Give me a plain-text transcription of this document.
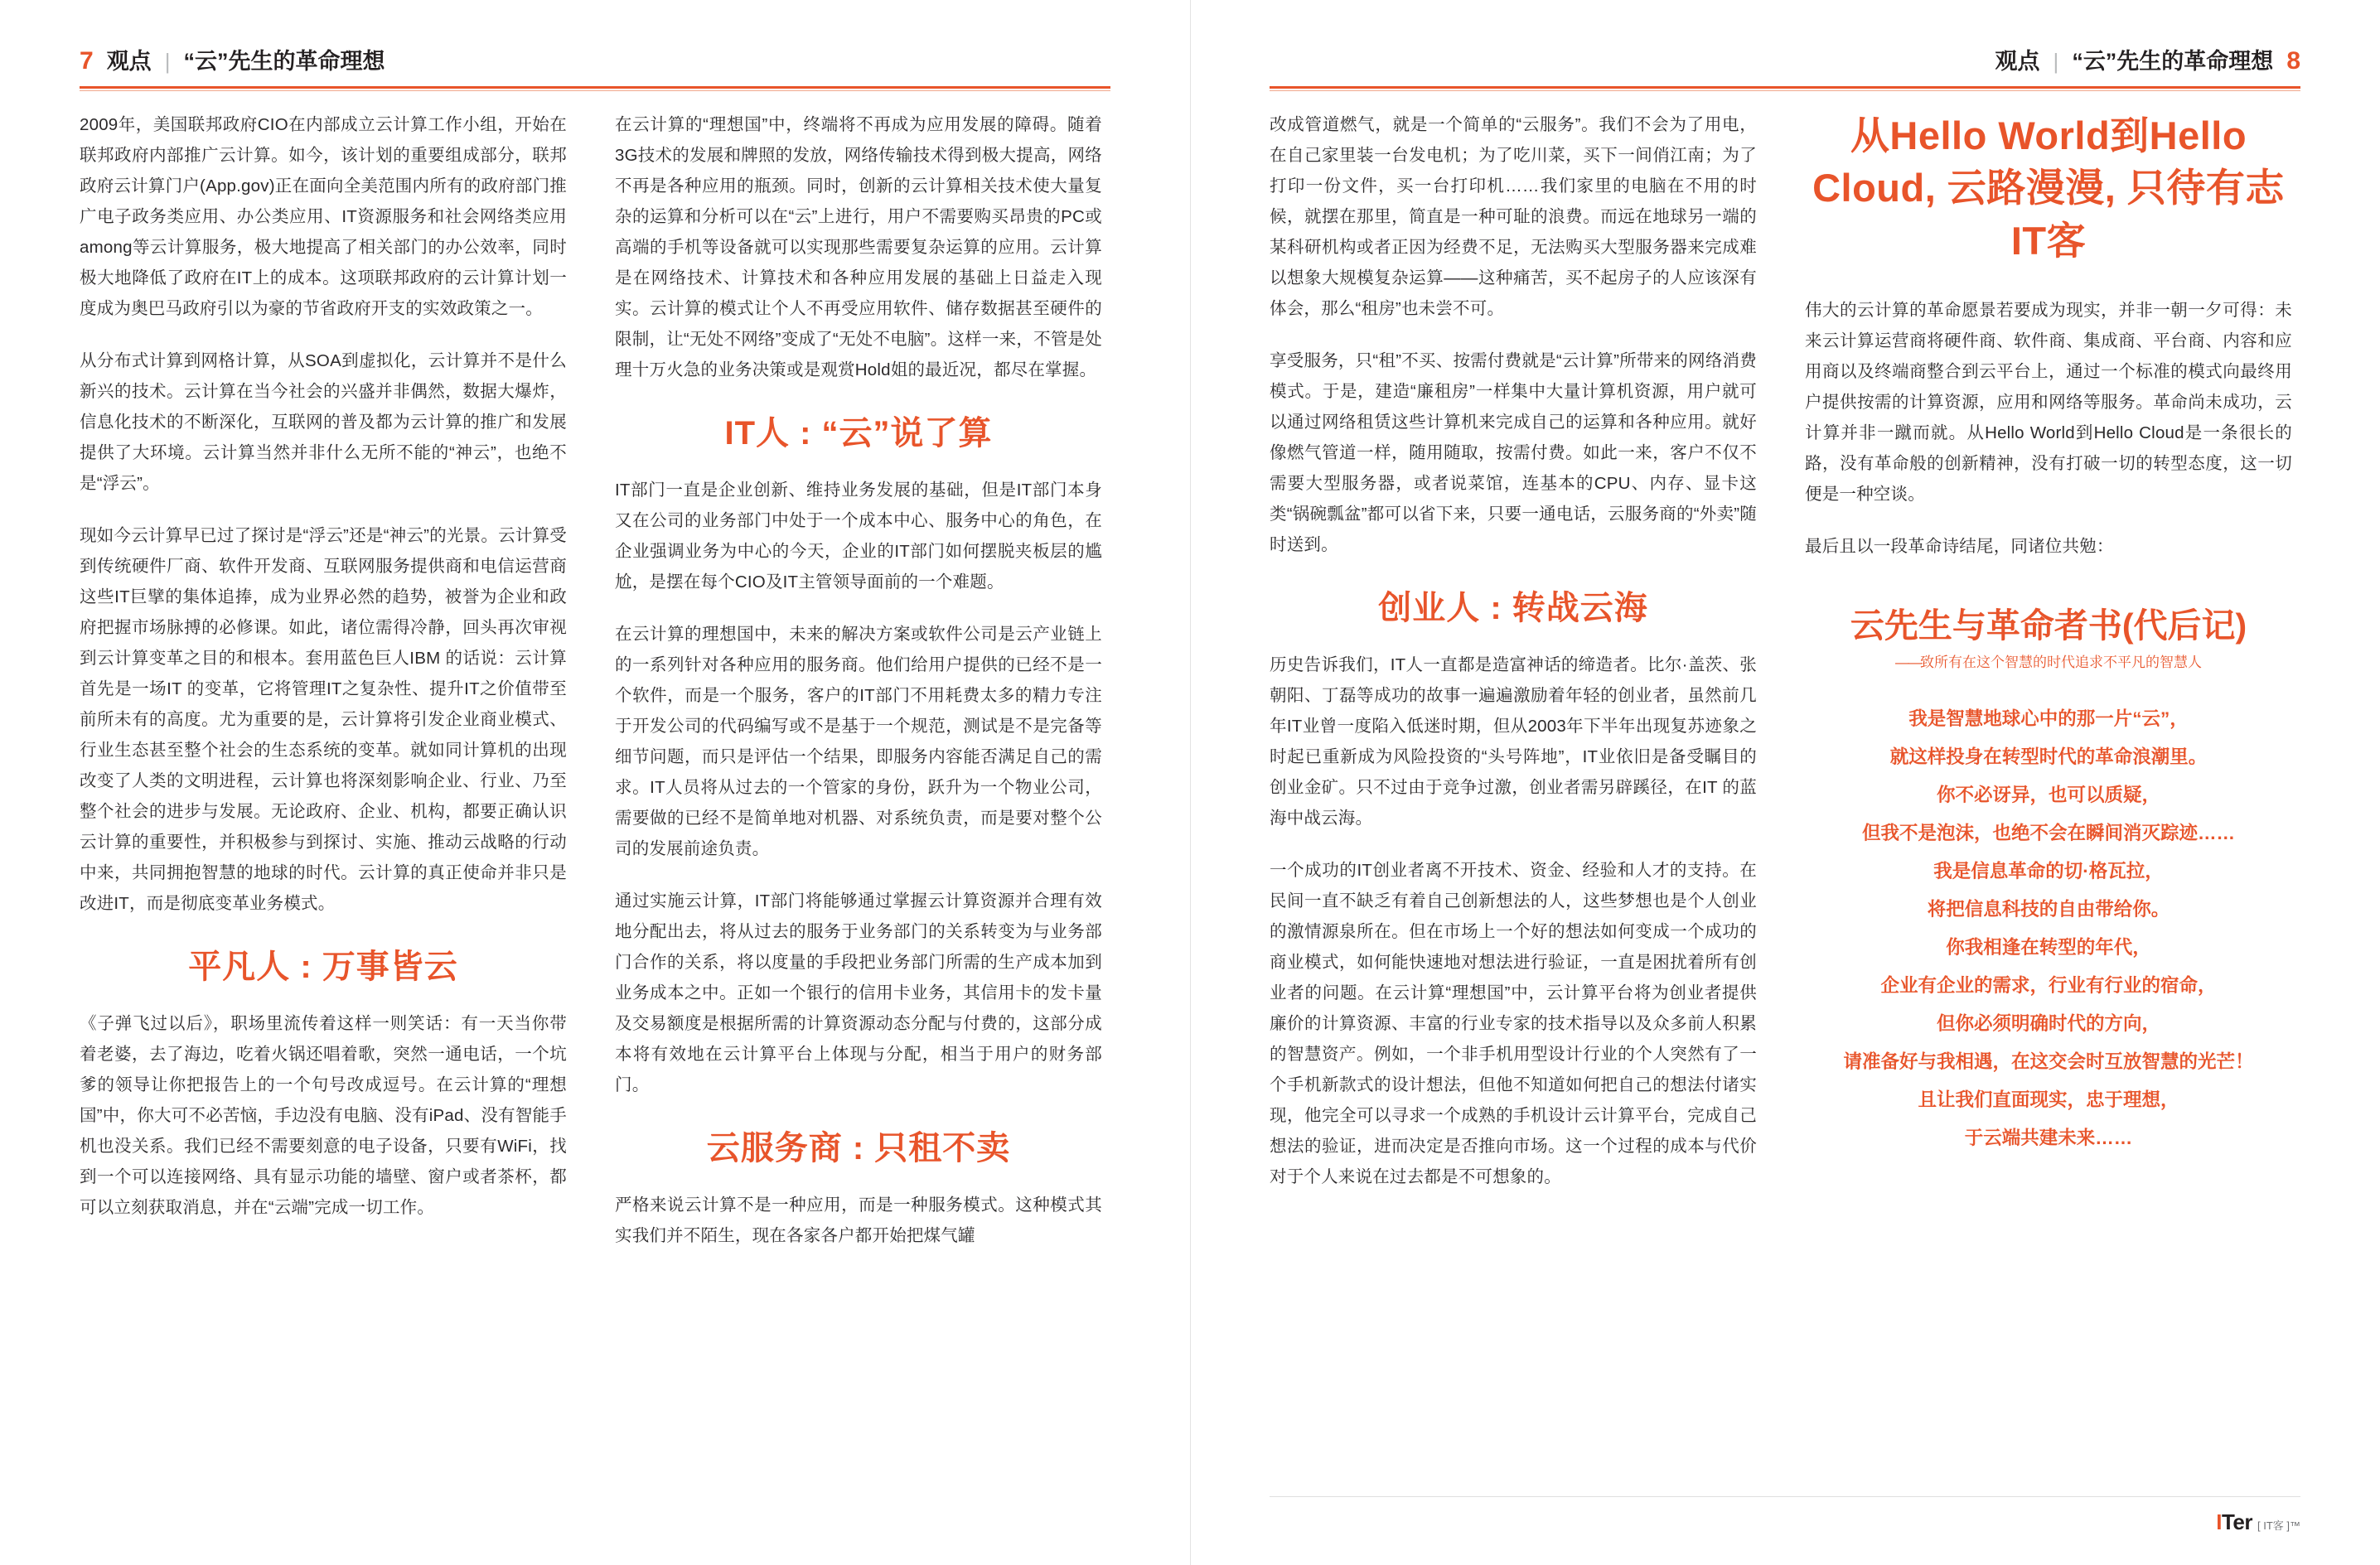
7 观点 | “云”先生的革命理想

2009年，美国联邦政府CIO在内部成立云计算工作小组，开始在联邦政府内部推广云计算。如今，该计划的重要组成部分，联邦政府云计算门户(App.gov)正在面向全美范围内所有的政府部门推广电子政务类应用、办公类应用、IT资源服务和社会网络类应用among等云计算服务，极大地提高了相关部门的办公效率，同时极大地降低了政府在IT上的成本。这项联邦政府的云计算计划一度成为奥巴马政府引以为豪的节省政府开支的实效政策之一。

从分布式计算到网格计算，从SOA到虚拟化，云计算并不是什么新兴的技术。云计算在当今社会的兴盛并非偶然，数据大爆炸，信息化技术的不断深化，互联网的普及都为云计算的推广和发展提供了大环境。云计算当然并非什么无所不能的“神云”，也绝不是“浮云”。

现如今云计算早已过了探讨是“浮云”还是“神云”的光景。云计算受到传统硬件厂商、软件开发商、互联网服务提供商和电信运营商这些IT巨擘的集体追捧，成为业界必然的趋势，被誉为企业和政府把握市场脉搏的必修课。如此，诸位需得冷静，回头再次审视到云计算变革之目的和根本。套用蓝色巨人IBM 的话说：云计算首先是一场IT 的变革，它将管理IT之复杂性、提升IT之价值带至前所未有的高度。尤为重要的是，云计算将引发企业商业模式、行业生态甚至整个社会的生态系统的变革。就如同计算机的出现改变了人类的文明进程，云计算也将深刻影响企业、行业、乃至整个社会的进步与发展。无论政府、企业、机构，都要正确认识云计算的重要性，并积极参与到探讨、实施、推动云战略的行动中来，共同拥抱智慧的地球的时代。云计算的真正使命并非只是改进IT，而是彻底变革业务模式。

平凡人 : 万事皆云

《子弹飞过以后》，职场里流传着这样一则笑话：有一天当你带着老婆，去了海边，吃着火锅还唱着歌，突然一通电话，一个坑爹的领导让你把报告上的一个句号改成逗号。在云计算的“理想国”中，你大可不必苦恼，手边没有电脑、没有iPad、没有智能手机也没关系。我们已经不需要刻意的电子设备，只要有WiFi，找到一个可以连接网络、具有显示功能的墙壁、窗户或者茶杯，都可以立刻获取消息，并在“云端”完成一切工作。

在云计算的“理想国”中，终端将不再成为应用发展的障碍。随着3G技术的发展和牌照的发放，网络传输技术得到极大提高，网络不再是各种应用的瓶颈。同时，创新的云计算相关技术使大量复杂的运算和分析可以在“云”上进行，用户不需要购买昂贵的PC或高端的手机等设备就可以实现那些需要复杂运算的应用。云计算是在网络技术、计算技术和各种应用发展的基础上日益走入现实。云计算的模式让个人不再受应用软件、储存数据甚至硬件的限制，让“无处不网络”变成了“无处不电脑”。这样一来，不管是处理十万火急的业务决策或是观赏Hold姐的最近况，都尽在掌握。

IT人 : “云”说了算

IT部门一直是企业创新、维持业务发展的基础，但是IT部门本身又在公司的业务部门中处于一个成本中心、服务中心的角色，在企业强调业务为中心的今天，企业的IT部门如何摆脱夹板层的尴尬，是摆在每个CIO及IT主管领导面前的一个难题。

在云计算的理想国中，未来的解决方案或软件公司是云产业链上的一系列针对各种应用的服务商。他们给用户提供的已经不是一个软件，而是一个服务，客户的IT部门不用耗费太多的精力专注于开发公司的代码编写或不是基于一个规范，测试是不是完备等细节问题，而只是评估一个结果，即服务内容能否满足自己的需求。IT人员将从过去的一个管家的身份，跃升为一个物业公司，需要做的已经不是简单地对机器、对系统负责，而是要对整个公司的发展前途负责。

通过实施云计算，IT部门将能够通过掌握云计算资源并合理有效地分配出去，将从过去的服务于业务部门的关系转变为与业务部门合作的关系，将以度量的手段把业务部门所需的生产成本加到业务成本之中。正如一个银行的信用卡业务，其信用卡的发卡量及交易额度是根据所需的计算资源动态分配与付费的，这部分成本将有效地在云计算平台上体现与分配，相当于用户的财务部门。

云服务商 : 只租不卖

严格来说云计算不是一种应用，而是一种服务模式。这种模式其实我们并不陌生，现在各家各户都开始把煤气罐

观点 | “云”先生的革命理想 8

改成管道燃气，就是一个简单的“云服务”。我们不会为了用电，在自己家里装一台发电机；为了吃川菜，买下一间俏江南；为了打印一份文件，买一台打印机……我们家里的电脑在不用的时候，就摆在那里，简直是一种可耻的浪费。而远在地球另一端的某科研机构或者正因为经费不足，无法购买大型服务器来完成难以想象大规模复杂运算——这种痛苦，买不起房子的人应该深有体会，那么“租房”也未尝不可。

享受服务，只“租”不买、按需付费就是“云计算”所带来的网络消费模式。于是，建造“廉租房”一样集中大量计算机资源，用户就可以通过网络租赁这些计算机来完成自己的运算和各种应用。就好像燃气管道一样，随用随取，按需付费。如此一来，客户不仅不需要大型服务器，或者说菜馆，连基本的CPU、内存、显卡这类“锅碗瓢盆”都可以省下来，只要一通电话，云服务商的“外卖”随时送到。

创业人 : 转战云海

历史告诉我们，IT人一直都是造富神话的缔造者。比尔·盖茨、张朝阳、丁磊等成功的故事一遍遍激励着年轻的创业者，虽然前几年IT业曾一度陷入低迷时期，但从2003年下半年出现复苏迹象之时起已重新成为风险投资的“头号阵地”，IT业依旧是备受瞩目的创业金矿。只不过由于竞争过激，创业者需另辟蹊径，在IT 的蓝海中战云海。

一个成功的IT创业者离不开技术、资金、经验和人才的支持。在民间一直不缺乏有着自己创新想法的人，这些梦想也是个人创业的激情源泉所在。但在市场上一个好的想法如何变成一个成功的商业模式，如何能快速地对想法进行验证，一直是困扰着所有创业者的问题。在云计算“理想国”中，云计算平台将为创业者提供廉价的计算资源、丰富的行业专家的技术指导以及众多前人积累的智慧资产。例如，一个非手机用型设计行业的个人突然有了一个手机新款式的设计想法，但他不知道如何把自己的想法付诸实现，他完全可以寻求一个成熟的手机设计云计算平台，完成自己想法的验证，进而决定是否推向市场。这一个过程的成本与代价对于个人来说在过去都是不可想象的。

从Hello World到Hello Cloud, 云路漫漫, 只待有志IT客

伟大的云计算的革命愿景若要成为现实，并非一朝一夕可得：未来云计算运营商将硬件商、软件商、集成商、平台商、内容和应用商以及终端商整合到云平台上，通过一个标准的模式向最终用户提供按需的计算资源，应用和网络等服务。革命尚未成功，云计算并非一蹴而就。从Hello World到Hello Cloud是一条很长的路，没有革命般的创新精神，没有打破一切的转型态度，这一切便是一种空谈。

最后且以一段革命诗结尾，同诸位共勉：

云先生与革命者书(代后记)
——致所有在这个智慧的时代追求不平凡的智慧人
我是智慧地球心中的那一片“云”，
就这样投身在转型时代的革命浪潮里。
你不必讶异，也可以质疑，
但我不是泡沫，也绝不会在瞬间消灭踪迹……
我是信息革命的切·格瓦拉，
将把信息科技的自由带给你。
你我相逢在转型的年代，
企业有企业的需求，行业有行业的宿命，
但你必须明确时代的方向，
请准备好与我相遇，在这交会时互放智慧的光芒！
且让我们直面现实，忠于理想，
于云端共建未来……
ITer [ IT客 ]™
